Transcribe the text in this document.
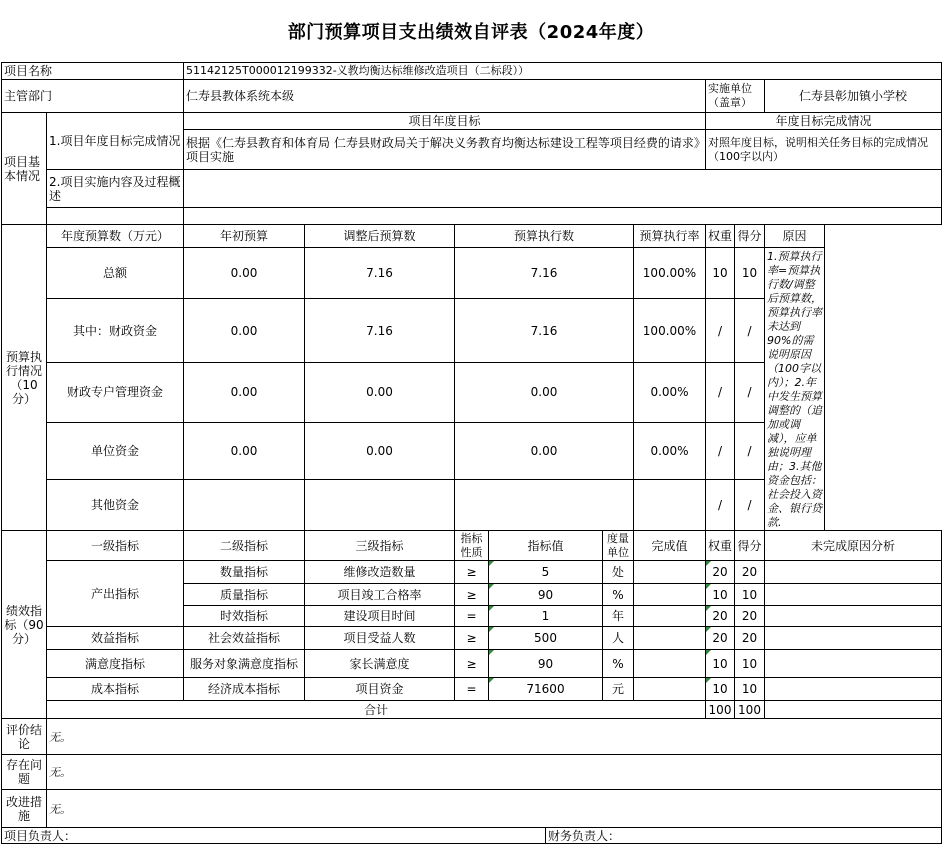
部门预算项目支出绩效自评表（2024年度）
项目名称		51142125T000012199332-义教均衡达标维修改造项目（二标段））									
主管部门		仁寿县教体系统本级							实施单位（盖章）		仁寿县彰加镇小学校
项目基本情况	1.项目年度目标完成情况	项目年度目标							年度目标完成情况		
		根据《仁寿县教育和体育局 仁寿县财政局关于解决义务教育均衡达标建设工程等项目经费的请求》项目实施							对照年度目标，说明相关任务目标的完成情况（100字以内）		
	2.项目实施内容及过程概述										

预算执行情况（10分）	年度预算数（万元）	年初预算	调整后预算数	预算执行数				预算执行率	权重	得分	原因
	总额	0.00	7.16	7.16				100.00%	10	10	1.预算执行率=预算执行数/调整后预算数，预算执行率未达到90%的需说明原因（100字以内）；2.年中发生预算调整的（追加或调减），应单独说明理由；3.其他资金包括：社会投入资金、银行贷款.
	其中：财政资金	0.00	7.16	7.16				100.00%	/	/	
	财政专户管理资金	0.00	0.00	0.00				0.00%	/	/	
	单位资金	0.00	0.00	0.00				0.00%	/	/	
	其他资金								/	/	
绩效指标（90分）	一级指标	二级指标	三级指标	指标性质	指标值		度量单位	完成值	权重	得分	未完成原因分析
	产出指标	数量指标	维修改造数量	≥	5		处		20	20	
		质量指标	项目竣工合格率	≥	90		%		10	10	
		时效指标	建设项目时间	=	1		年		20	20	
	效益指标	社会效益指标	项目受益人数	≥	500		人		20	20	
	满意度指标	服务对象满意度指标	家长满意度	≥	90		%		10	10	
	成本指标	经济成本指标	项目资金	=	71600		元		10	10	
	合计								100	100	
评价结论	无。										
存在问题	无。										
改进措施	无。										
项目负责人：						财务负责人：					
